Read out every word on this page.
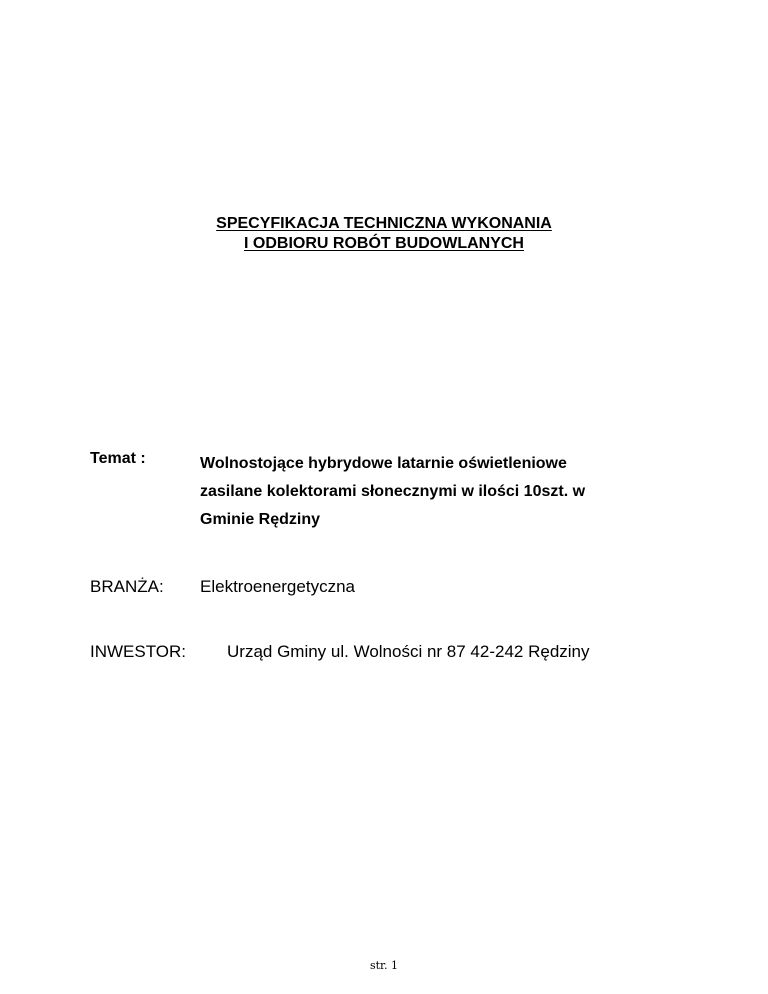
SPECYFIKACJA TECHNICZNA WYKONANIA
I ODBIORU ROBÓT BUDOWLANYCH
Temat :	Wolnostojące hybrydowe latarnie oświetleniowe
zasilane kolektorami słonecznymi w ilości 10szt. w
Gminie Rędziny
BRANŻA: Elektroenergetyczna
INWESTOR: Urząd Gminy ul. Wolności nr 87 42-242 Rędziny
str. 1
